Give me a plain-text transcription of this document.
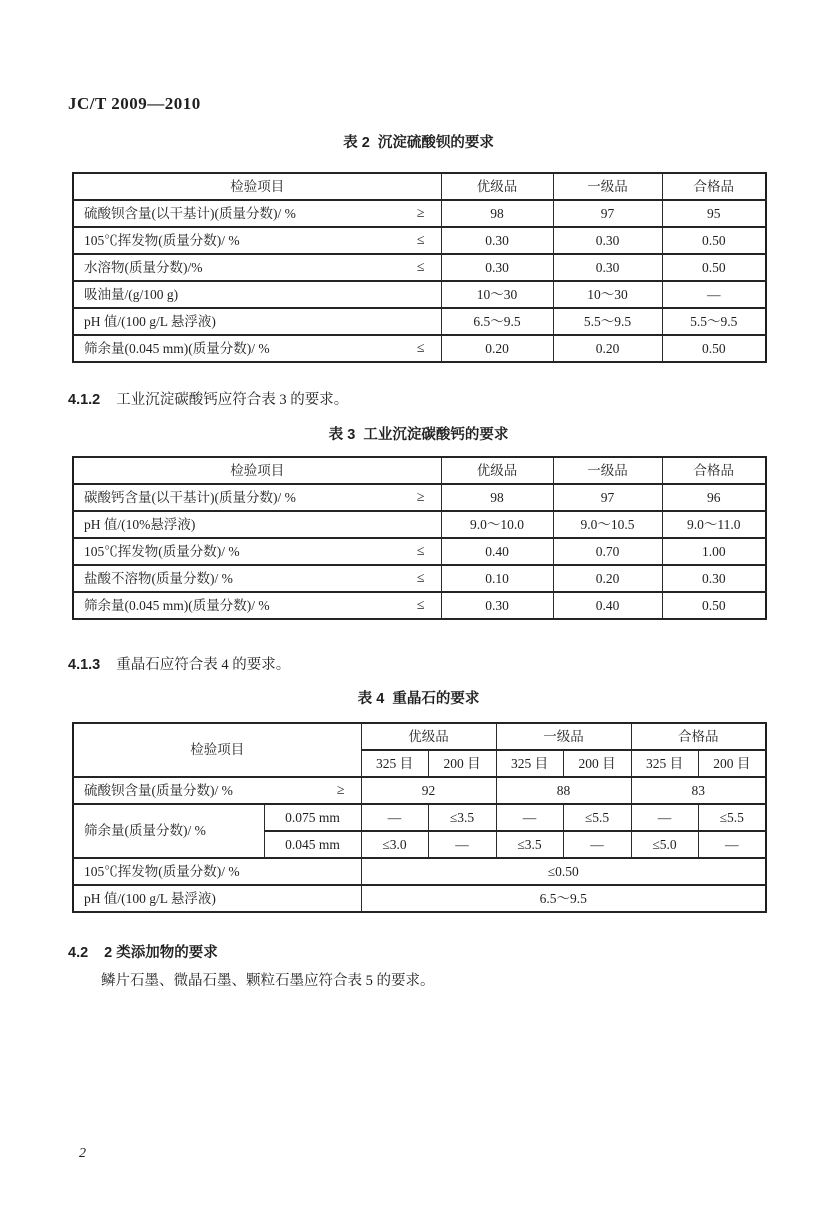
JC/T 2009—2010
表 2  沉淀硫酸钡的要求
检验项目	优级品	一级品	合格品
硫酸钡含量(以干基计)(质量分数)/ % ≥	98	97	95
105℃挥发物(质量分数)/ % ≤	0.30	0.30	0.50
水溶物(质量分数)/% ≤	0.30	0.30	0.50
吸油量/(g/100 g)	10～30	10～30	—
pH 值/(100 g/L 悬浮液)	6.5～9.5	5.5～9.5	5.5～9.5
筛余量(0.045 mm)(质量分数)/ % ≤	0.20	0.20	0.50
4.1.2 工业沉淀碳酸钙应符合表 3 的要求。
表 3  工业沉淀碳酸钙的要求
检验项目	优级品	一级品	合格品
碳酸钙含量(以干基计)(质量分数)/ % ≥	98	97	96
pH 值/(10%悬浮液)	9.0～10.0	9.0～10.5	9.0～11.0
105℃挥发物(质量分数)/ % ≤	0.40	0.70	1.00
盐酸不溶物(质量分数)/ % ≤	0.10	0.20	0.30
筛余量(0.045 mm)(质量分数)/ % ≤	0.30	0.40	0.50
4.1.3 重晶石应符合表 4 的要求。
表 4  重晶石的要求
检验项目		优级品		一级品		合格品	
		325 目	200 目	325 目	200 目	325 目	200 目
硫酸钡含量(质量分数)/ % ≥		92		88		83	
筛余量(质量分数)/ %	0.075 mm	—	≤3.5	—	≤5.5	—	≤5.5
	0.045 mm	≤3.0	—	≤3.5	—	≤5.0	—
105℃挥发物(质量分数)/ %		≤0.50					
pH 值/(100 g/L 悬浮液)		6.5～9.5					
4.2 2 类添加物的要求
鳞片石墨、微晶石墨、颗粒石墨应符合表 5 的要求。
2
